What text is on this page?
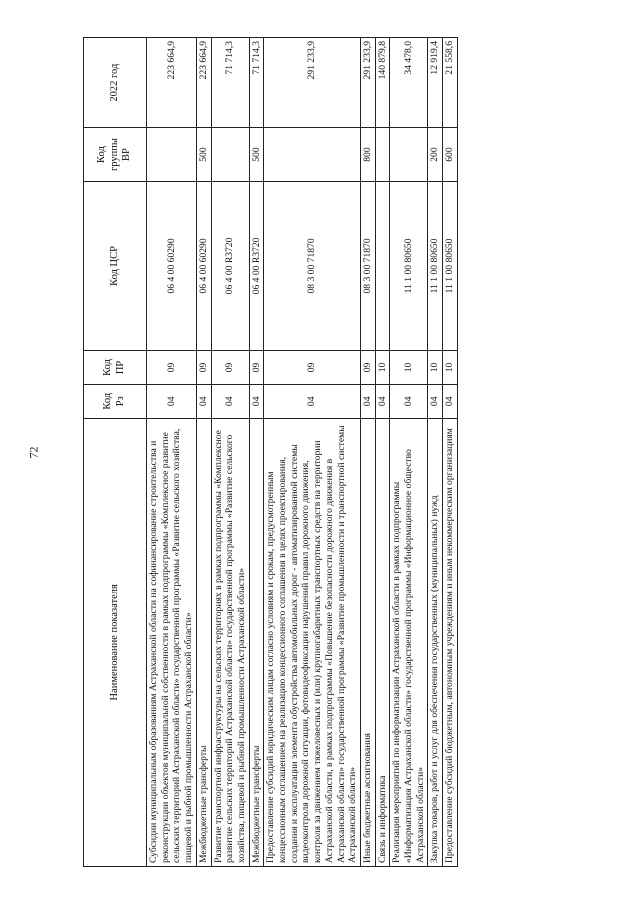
72
Наименование показателя	Код Рз	Код ПР	Код ЦСР	Код группы ВР	2022 год
Субсидии муниципальным образованиям Астраханской области на софинансирование строительства и реконструкции объектов муниципальной собственности в рамках подпрограммы «Комплексное развитие сельских территорий Астраханской области» государственной программы «Развитие сельского хозяйства, пищевой и рыбной промышленности Астраханской области»	04	09	06 4 00 60290		223 664,9
Межбюджетные трансферты	04	09	06 4 00 60290	500	223 664,9
Развитие транспортной инфраструктуры на сельских территориях в рамках подпрограммы «Комплексное развитие сельских территорий Астраханской области» государственной программы «Развитие сельского хозяйства, пищевой и рыбной промышленности Астраханской области»	04	09	06 4 00 R3720		71 714,3
Межбюджетные трансферты	04	09	06 4 00 R3720	500	71 714,3
Предоставление субсидий юридическим лицам согласно условиям и срокам, предусмотренным концессионным соглашением на реализацию концессионного соглашения в целях проектирования, создания и эксплуатации элемента обустройства автомобильных дорог - автоматизированной системы видеоконтроля дорожной ситуации, фотовидеофиксации нарушений правил дорожного движения, контроля за движением тяжеловесных и (или) крупногабаритных транспортных средств на территории Астраханской области, в рамках подпрограммы «Повышение безопасности дорожного движения в Астраханской области» государственной программы «Развитие промышленности и транспортной системы Астраханской области»	04	09	08 3 00 71870		291 233,9
Иные бюджетные ассигнования	04	09	08 3 00 71870	800	291 233,9
Связь и информатика	04	10			140 879,8
Реализация мероприятий по информатизации Астраханской области в рамках подпрограммы «Информатизация Астраханской области» государственной программы «Информационное общество Астраханской области»	04	10	11 1 00 80650		34 478,0
Закупка товаров, работ и услуг для обеспечения государственных (муниципальных) нужд	04	10	11 1 00 80650	200	12 919,4
Предоставление субсидий бюджетным, автономным учреждениям и иным некоммерческим организациям	04	10	11 1 00 80650	600	21 558,6
